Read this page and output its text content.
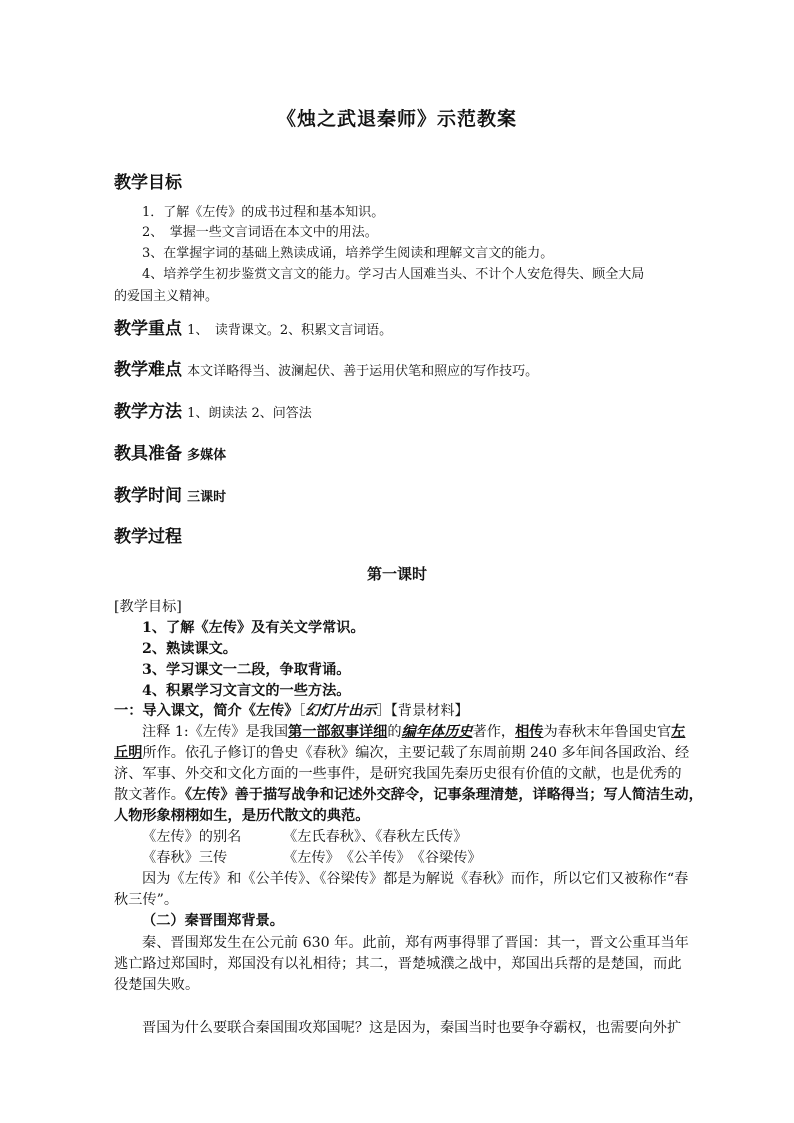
《烛之武退秦师》示范教案
教学目标
1．了解《左传》的成书过程和基本知识。
2、　掌握一些文言词语在本文中的用法。
3、在掌握字词的基础上熟读成诵，培养学生阅读和理解文言文的能力。
4、培养学生初步鉴赏文言文的能力。学习古人国难当头、不计个人安危得失、顾全大局
的爱国主义精神。
教学重点 1、　读背课文。2、积累文言词语。
教学难点 本文详略得当、波澜起伏、善于运用伏笔和照应的写作技巧。
教学方法 1、朗读法 2、问答法
教具准备 多媒体
教学时间 三课时
教学过程
第一课时
[教学目标]
1、了解《左传》及有关文学常识。
2、熟读课文。
3、学习课文一二段，争取背诵。
4、积累学习文言文的一些方法。
一：导入课文，简介《左传》［幻灯片出示］【背景材料】
注释 1:《左传》是我国第一部叙事详细的编年体历史著作，相传为春秋末年鲁国史官左
丘明所作。依孔子修订的鲁史《春秋》编次，主要记载了东周前期 240 多年间各国政治、经
济、军事、外交和文化方面的一些事件，是研究我国先秦历史很有价值的文献，也是优秀的
散文著作。《左传》善于描写战争和记述外交辞令，记事条理清楚，详略得当；写人简洁生动，
人物形象栩栩如生，是历代散文的典范。
《左传》的别名	《左氏春秋》、《春秋左氏传》
《春秋》三传	《左传》　《公羊传》　《谷梁传》
因为《左传》和《公羊传》、《谷梁传》都是为解说《春秋》而作，所以它们又被称作“春
秋三传”。
（二）秦晋围郑背景。
秦、晋围郑发生在公元前 630 年。此前，郑有两事得罪了晋国：其一，晋文公重耳当年
逃亡路过郑国时，郑国没有以礼相待；其二，晋楚城濮之战中，郑国出兵帮的是楚国，而此
役楚国失败。
晋国为什么要联合秦国围攻郑国呢？这是因为，秦国当时也要争夺霸权，也需要向外扩
